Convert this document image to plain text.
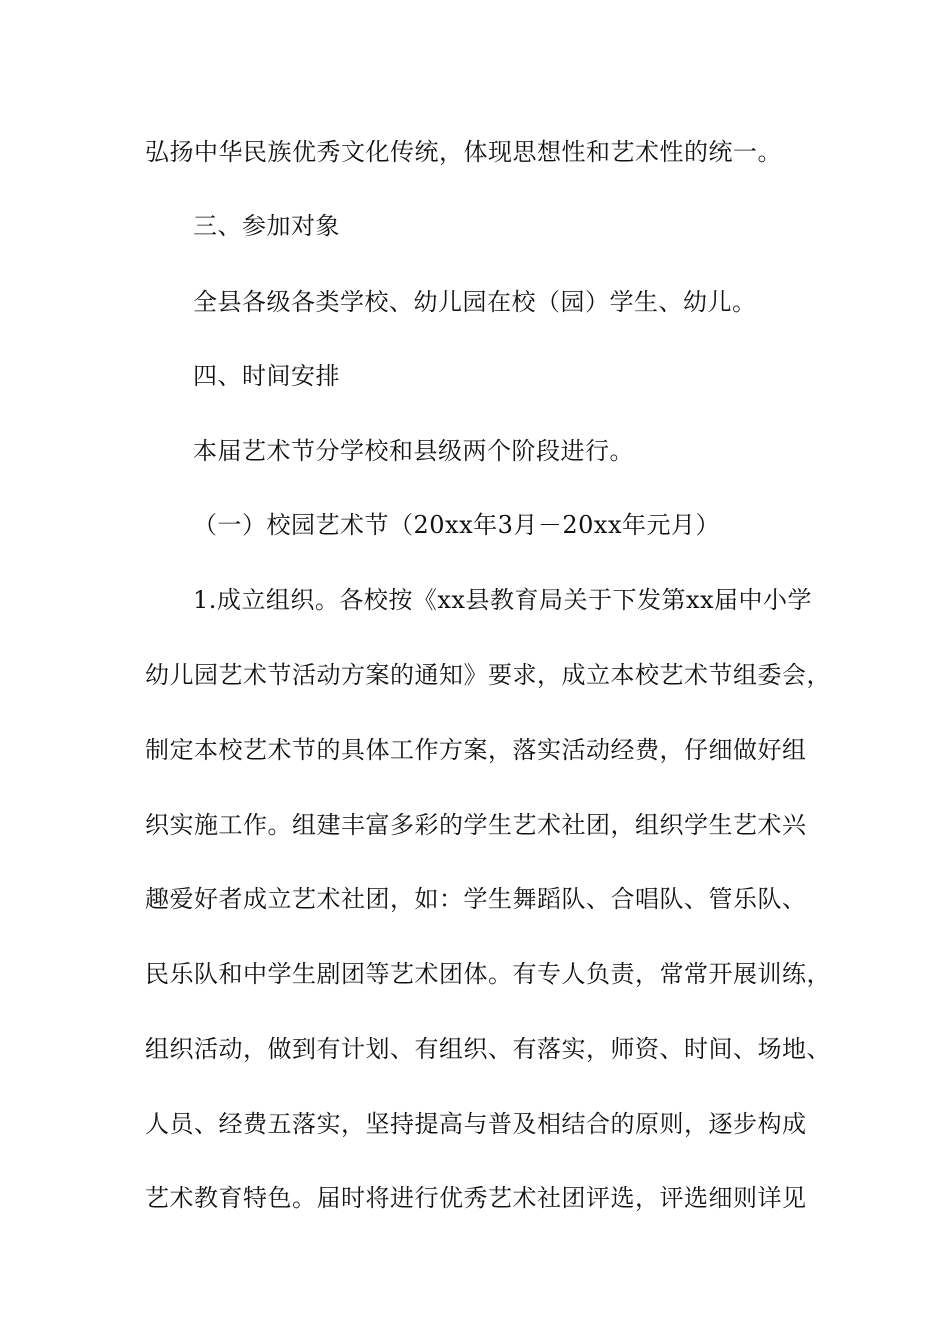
弘扬中华民族优秀文化传统，体现思想性和艺术性的统一。
三、参加对象
全县各级各类学校、幼儿园在校（园）学生、幼儿。
四、时间安排
本届艺术节分学校和县级两个阶段进行。
（一）校园艺术节（20xx年3月－20xx年元月）
1.成立组织。各校按《xx县教育局关于下发第xx届中小学
幼儿园艺术节活动方案的通知》要求，成立本校艺术节组委会，
制定本校艺术节的具体工作方案，落实活动经费，仔细做好组
织实施工作。组建丰富多彩的学生艺术社团，组织学生艺术兴
趣爱好者成立艺术社团，如：学生舞蹈队、合唱队、管乐队、
民乐队和中学生剧团等艺术团体。有专人负责，常常开展训练，
组织活动，做到有计划、有组织、有落实，师资、时间、场地、
人员、经费五落实，坚持提高与普及相结合的原则，逐步构成
艺术教育特色。届时将进行优秀艺术社团评选，评选细则详见
